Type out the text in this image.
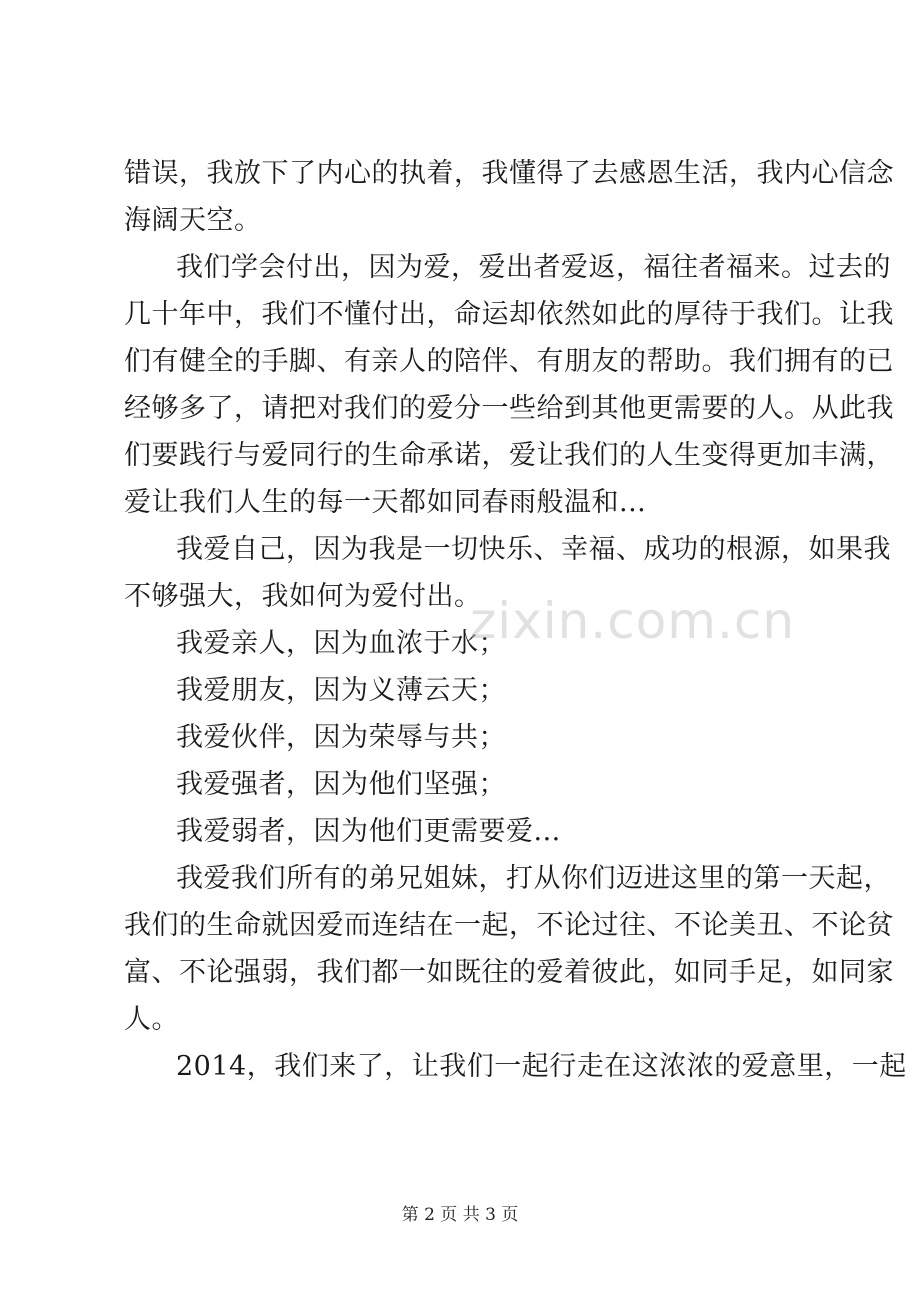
错误，我放下了内心的执着，我懂得了去感恩生活，我内心信念
海阔天空。
我们学会付出，因为爱，爱出者爱返，福往者福来。过去的
几十年中，我们不懂付出，命运却依然如此的厚待于我们。让我
们有健全的手脚、有亲人的陪伴、有朋友的帮助。我们拥有的已
经够多了，请把对我们的爱分一些给到其他更需要的人。从此我
们要践行与爱同行的生命承诺，爱让我们的人生变得更加丰满，
爱让我们人生的每一天都如同春雨般温和...
我爱自己，因为我是一切快乐、幸福、成功的根源，如果我
不够强大，我如何为爱付出。
我爱亲人，因为血浓于水；
我爱朋友，因为义薄云天；
我爱伙伴，因为荣辱与共；
我爱强者，因为他们坚强；
我爱弱者，因为他们更需要爱...
我爱我们所有的弟兄姐妹，打从你们迈进这里的第一天起，
我们的生命就因爱而连结在一起，不论过往、不论美丑、不论贫
富、不论强弱，我们都一如既往的爱着彼此，如同手足，如同家
人。
2014，我们来了，让我们一起行走在这浓浓的爱意里，一起
zixin.com.cn
第 2 页 共 3 页
